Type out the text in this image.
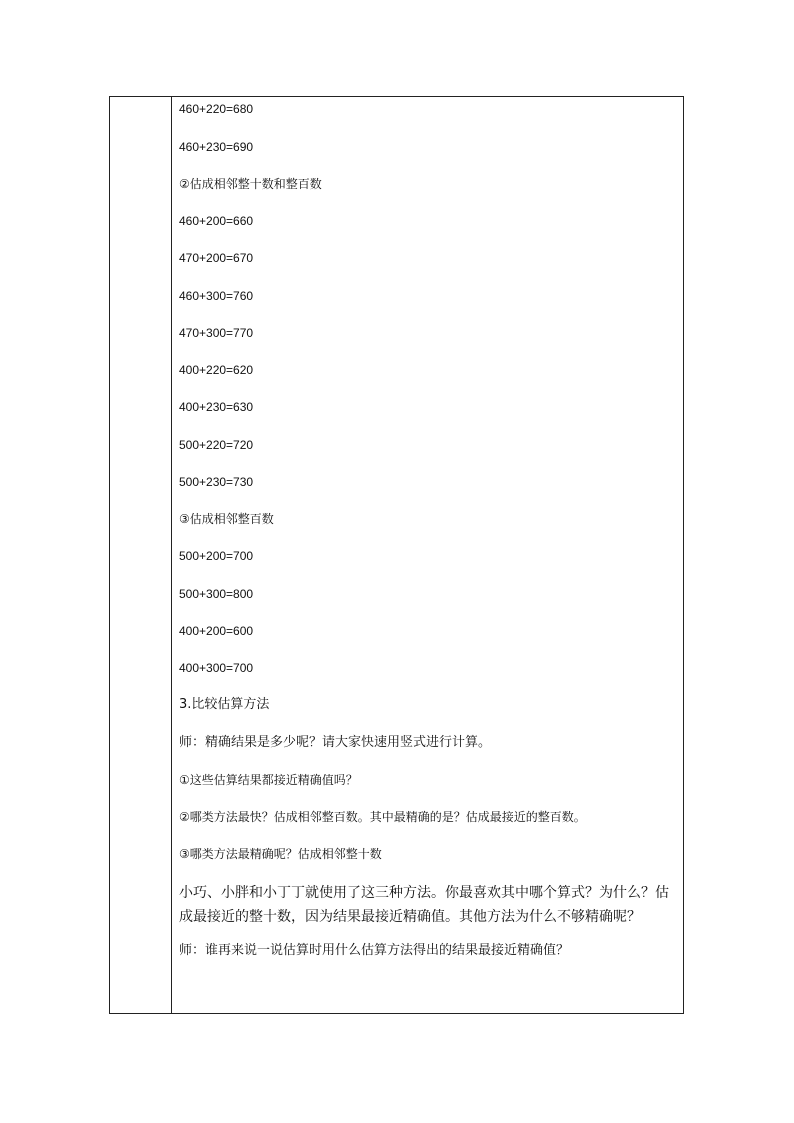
460+220=680
460+230=690
②估成相邻整十数和整百数
460+200=660
470+200=670
460+300=760
470+300=770
400+220=620
400+230=630
500+220=720
500+230=730
③估成相邻整百数
500+200=700
500+300=800
400+200=600
400+300=700
3.比较估算方法
师：精确结果是多少呢？请大家快速用竖式进行计算。
①这些估算结果都接近精确值吗？
②哪类方法最快？估成相邻整百数。其中最精确的是？估成最接近的整百数。
③哪类方法最精确呢？估成相邻整十数
小巧、小胖和小丁丁就使用了这三种方法。你最喜欢其中哪个算式？为什么？估成最接近的整十数，因为结果最接近精确值。其他方法为什么不够精确呢？
师：谁再来说一说估算时用什么估算方法得出的结果最接近精确值？
